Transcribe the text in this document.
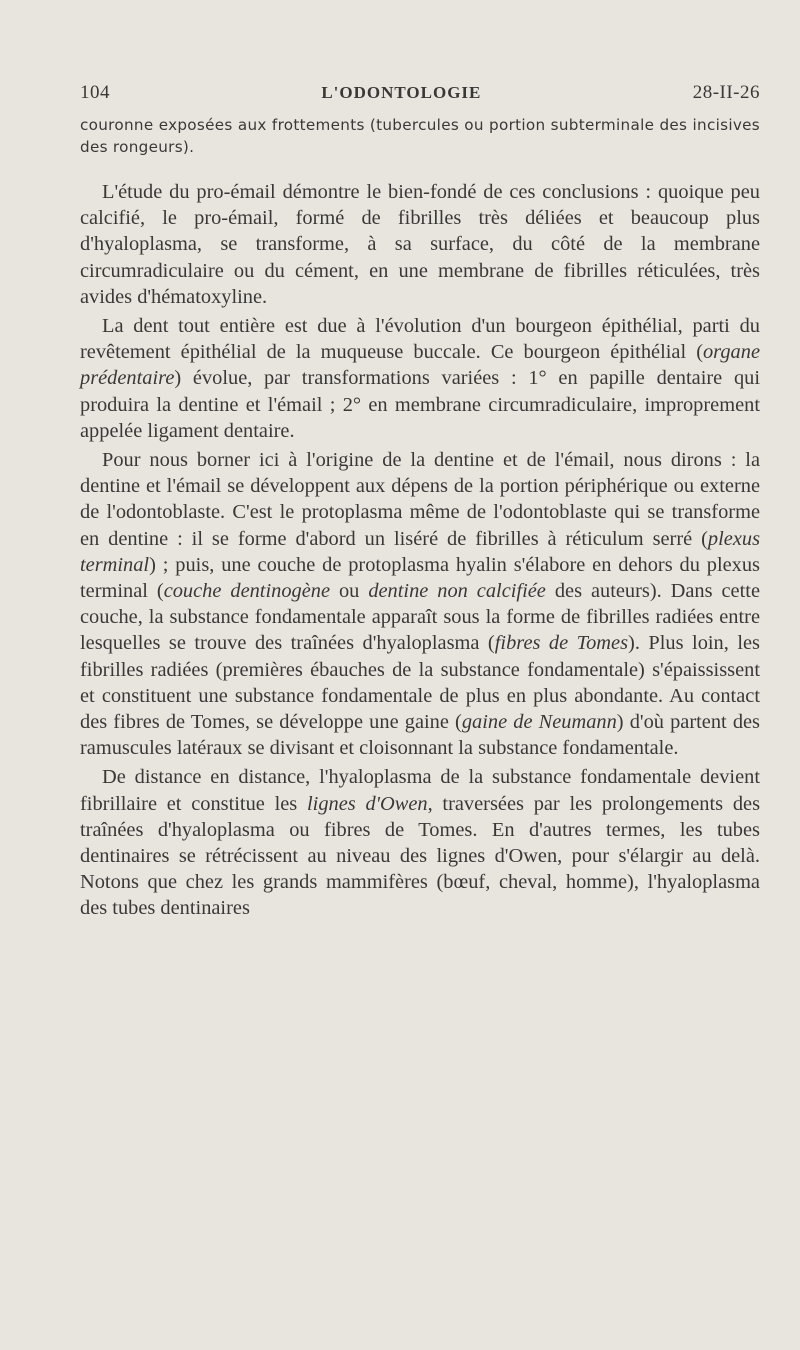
104	L'ODONTOLOGIE	28-II-26
couronne exposées aux frottements (tubercules ou portion subterminale des incisives des rongeurs).

L'étude du pro-émail démontre le bien-fondé de ces conclusions : quoique peu calcifié, le pro-émail, formé de fibrilles très déliées et beaucoup plus d'hyaloplasma, se transforme, à sa surface, du côté de la membrane circumradiculaire ou du cément, en une membrane de fibrilles réticulées, très avides d'hématoxyline.

La dent tout entière est due à l'évolution d'un bourgeon épithélial, parti du revêtement épithélial de la muqueuse buccale. Ce bourgeon épithélial (organe prédentaire) évolue, par transformations variées : 1° en papille dentaire qui produira la dentine et l'émail ; 2° en membrane circumradiculaire, improprement appelée ligament dentaire.

Pour nous borner ici à l'origine de la dentine et de l'émail, nous dirons : la dentine et l'émail se développent aux dépens de la portion périphérique ou externe de l'odontoblaste. C'est le protoplasma même de l'odontoblaste qui se transforme en dentine : il se forme d'abord un liséré de fibrilles à réticulum serré (plexus terminal) ; puis, une couche de protoplasma hyalin s'élabore en dehors du plexus terminal (couche dentinogène ou dentine non calcifiée des auteurs). Dans cette couche, la substance fondamentale apparaît sous la forme de fibrilles radiées entre lesquelles se trouve des traînées d'hyaloplasma (fibres de Tomes). Plus loin, les fibrilles radiées (premières ébauches de la substance fondamentale) s'épaississent et constituent une substance fondamentale de plus en plus abondante. Au contact des fibres de Tomes, se développe une gaine (gaine de Neumann) d'où partent des ramuscules latéraux se divisant et cloisonnant la substance fondamentale.

De distance en distance, l'hyaloplasma de la substance fondamentale devient fibrillaire et constitue les lignes d'Owen, traversées par les prolongements des traînées d'hyaloplasma ou fibres de Tomes. En d'autres termes, les tubes dentinaires se rétrécissent au niveau des lignes d'Owen, pour s'élargir au delà. Notons que chez les grands mammifères (bœuf, cheval, homme), l'hyaloplasma des tubes dentinaires
